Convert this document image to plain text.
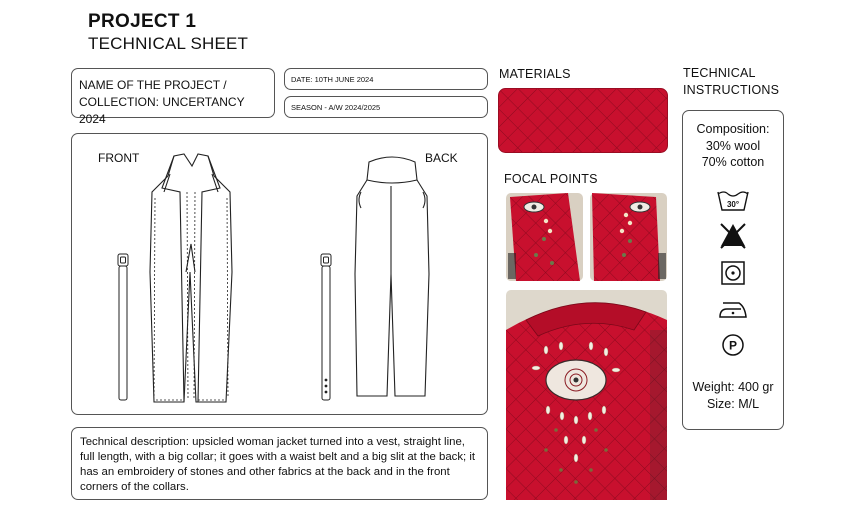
PROJECT 1
TECHNICAL SHEET
NAME OF THE PROJECT /
COLLECTION: UNCERTANCY 2024
DATE: 10TH JUNE 2024
SEASON - A/W 2024/2025
FRONT	BACK
Technical description: upsicled woman jacket turned into a vest, straight line, full length, with a big collar; it goes with a waist belt and a big slit at the back; it has an embroidery of stones and other fabrics at the back and in the front corners of the collars.
MATERIALS
FOCAL POINTS
TECHNICAL
INSTRUCTIONS
Composition:
30% wool
70% cotton
30°
P
Weight: 400 gr
Size: M/L
